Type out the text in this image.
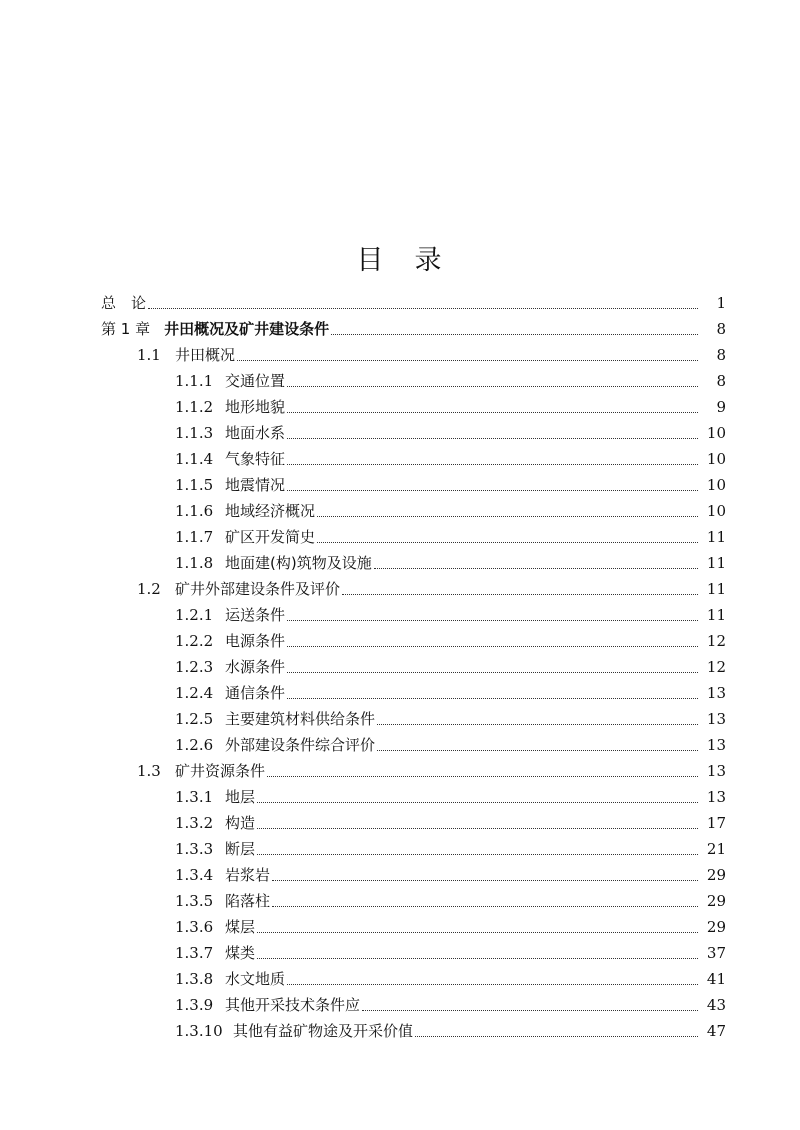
目　录
总　论	1
第 1 章 井田概况及矿井建设条件	8
1.1 井田概况	8
1.1.1 交通位置	8
1.1.2 地形地貌	9
1.1.3 地面水系	10
1.1.4 气象特征	10
1.1.5 地震情况	10
1.1.6 地域经济概况	10
1.1.7 矿区开发简史	11
1.1.8 地面建(构)筑物及设施	11
1.2 矿井外部建设条件及评价	11
1.2.1 运送条件	11
1.2.2 电源条件	12
1.2.3 水源条件	12
1.2.4 通信条件	13
1.2.5 主要建筑材料供给条件	13
1.2.6 外部建设条件综合评价	13
1.3 矿井资源条件	13
1.3.1 地层	13
1.3.2 构造	17
1.3.3 断层	21
1.3.4 岩浆岩	29
1.3.5 陷落柱	29
1.3.6 煤层	29
1.3.7 煤类	37
1.3.8 水文地质	41
1.3.9 其他开采技术条件应	43
1.3.10 其他有益矿物途及开采价值	47
